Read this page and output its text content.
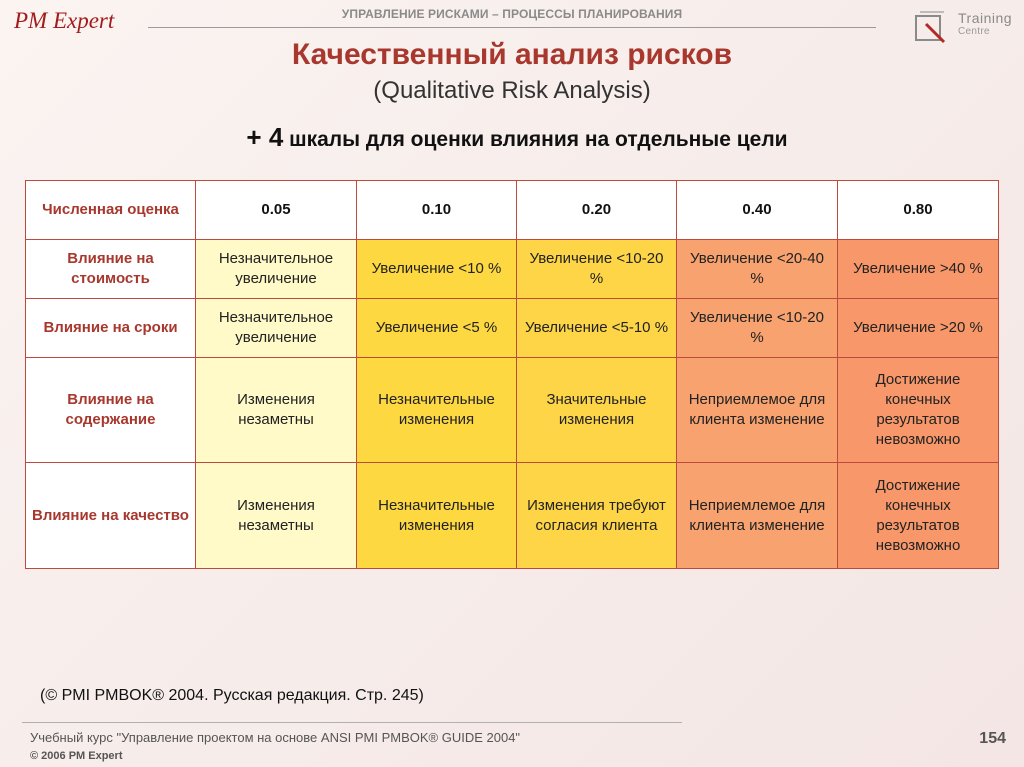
PM Expert	УПРАВЛЕНИЕ РИСКАМИ – ПРОЦЕССЫ ПЛАНИРОВАНИЯ	Training
Centre
Качественный анализ рисков
(Qualitative Risk Analysis)
+ 4 шкалы для оценки влияния на отдельные цели
Численная оценка	0.05	0.10	0.20	0.40	0.80
Влияние на стоимость	Незначительное увеличение	Увеличение <10 %	Увеличение <10-20 %	Увеличение <20-40 %	Увеличение >40 %
Влияние на сроки	Незначительное увеличение	Увеличение <5 %	Увеличение <5-10 %	Увеличение <10-20 %	Увеличение >20 %
Влияние на содержание	Изменения незаметны	Незначительные изменения	Значительные изменения	Неприемлемое для клиента изменение	Достижение конечных результатов невозможно
Влияние на качество	Изменения незаметны	Незначительные изменения	Изменения требуют согласия клиента	Неприемлемое для клиента изменение	Достижение конечных результатов невозможно
(© PMI PMBOK® 2004. Русская редакция. Стр. 245)
Учебный курс "Управление проектом на основе ANSI PMI PMBOK® GUIDE 2004"
© 2006 PM Expert
154
